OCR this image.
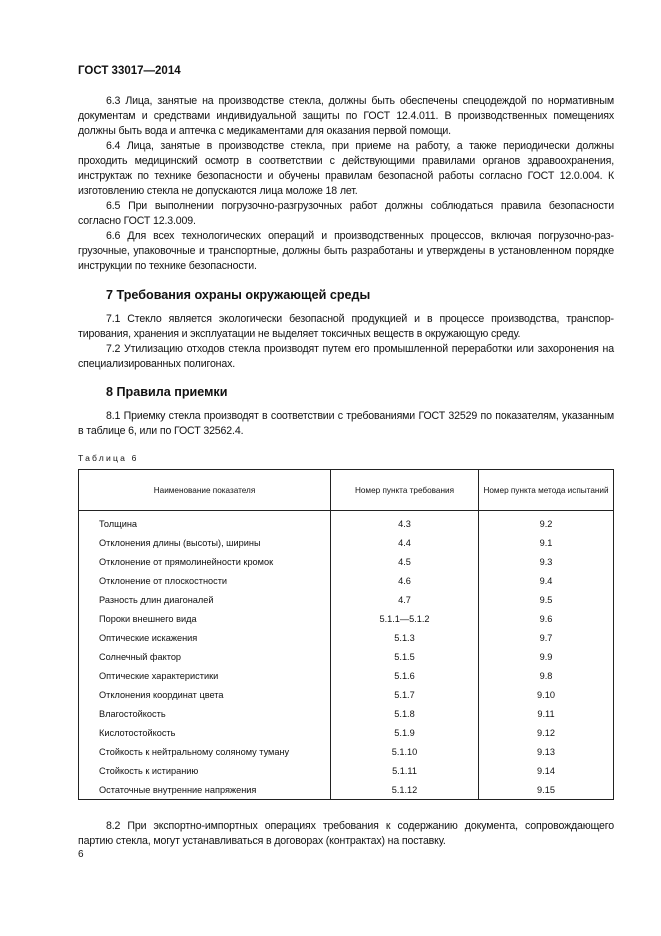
ГОСТ 33017—2014

6.3 Лица, занятые на производстве стекла, должны быть обеспечены спецодеждой по нормативным документам и средствами индивидуальной защиты по ГОСТ 12.4.011. В производственных помещениях должны быть вода и аптечка с медикаментами для оказания первой помощи.

6.4 Лица, занятые в производстве стекла, при приеме на работу, а также периодически должны проходить медицинский осмотр в соответствии с действующими правилами органов здравоохранения, инструктаж по технике безопасности и обучены правилам безопасной работы согласно ГОСТ 12.0.004. К изготовлению стекла не допускаются лица моложе 18 лет.

6.5 При выполнении погрузочно-разгрузочных работ должны соблюдаться правила безопасности согласно ГОСТ 12.3.009.

6.6 Для всех технологических операций и производственных процессов, включая погрузочно-разгрузочные, упаковочные и транспортные, должны быть разработаны и утверждены в установленном порядке инструкции по технике безопасности.

7 Требования охраны окружающей среды

7.1 Стекло является экологически безопасной продукцией и в процессе производства, транспортирования, хранения и эксплуатации не выделяет токсичных веществ в окружающую среду.

7.2 Утилизацию отходов стекла производят путем его промышленной переработки или захоронения на специализированных полигонах.

8 Правила приемки

8.1 Приемку стекла производят в соответствии с требованиями ГОСТ 32529 по показателям, указанным в таблице 6, или по ГОСТ 32562.4.

Таблица 6

Наименование показателя	Номер пункта требования	Номер пункта метода испытаний
Толщина	4.3	9.2
Отклонения длины (высоты), ширины	4.4	9.1
Отклонение от прямолинейности кромок	4.5	9.3
Отклонение от плоскостности	4.6	9.4
Разность длин диагоналей	4.7	9.5
Пороки внешнего вида	5.1.1—5.1.2	9.6
Оптические искажения	5.1.3	9.7
Солнечный фактор	5.1.5	9.9
Оптические характеристики	5.1.6	9.8
Отклонения координат цвета	5.1.7	9.10
Влагостойкость	5.1.8	9.11
Кислотостойкость	5.1.9	9.12
Стойкость к нейтральному соляному туману	5.1.10	9.13
Стойкость к истиранию	5.1.11	9.14
Остаточные внутренние напряжения	5.1.12	9.15

8.2 При экспортно-импортных операциях требования к содержанию документа, сопровождающего партию стекла, могут устанавливаться в договорах (контрактах) на поставку.

6
